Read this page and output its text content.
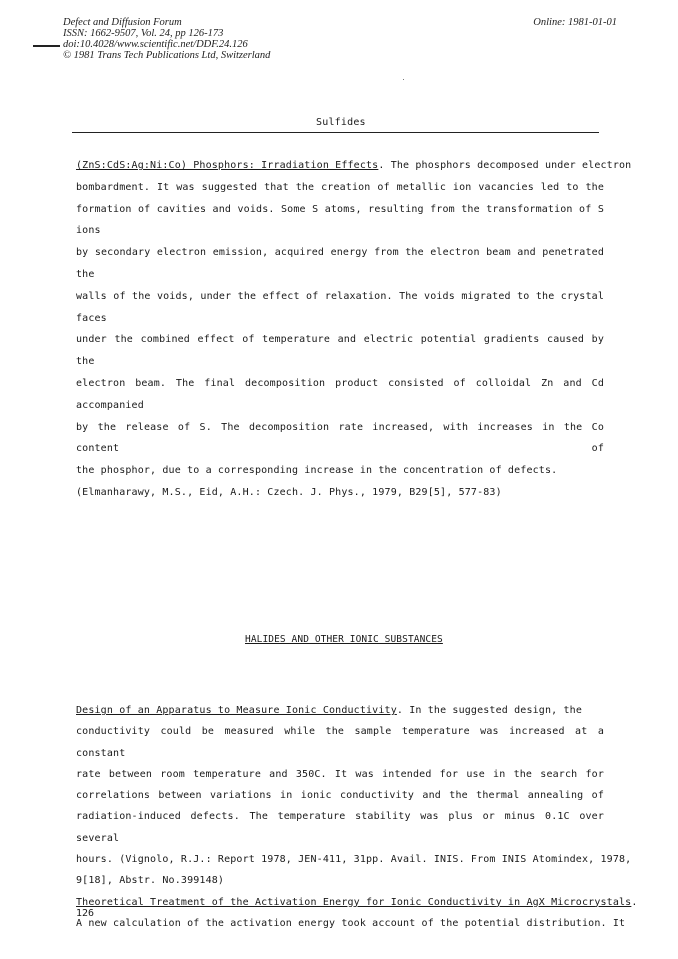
Defect and Diffusion Forum
ISSN: 1662-9507, Vol. 24, pp 126-173
doi:10.4028/www.scientific.net/DDF.24.126
© 1981 Trans Tech Publications Ltd, Switzerland
Online: 1981-01-01
Sulfides
(ZnS:CdS:Ag:Ni:Co) Phosphors: Irradiation Effects. The phosphors decomposed under electron
bombardment. It was suggested that the creation of metallic ion vacancies led to the
formation of cavities and voids. Some S atoms, resulting from the transformation of S ions
by secondary electron emission, acquired energy from the electron beam and penetrated the
walls of the voids, under the effect of relaxation. The voids migrated to the crystal faces
under the combined effect of temperature and electric potential gradients caused by the
electron beam. The final decomposition product consisted of colloidal Zn and Cd accompanied
by the release of S. The decomposition rate increased, with increases in the Co content of
the phosphor, due to a corresponding increase in the concentration of defects.
(Elmanharawy, M.S., Eid, A.H.: Czech. J. Phys., 1979, B29[5], 577-83)
HALIDES AND OTHER IONIC SUBSTANCES
Design of an Apparatus to Measure Ionic Conductivity. In the suggested design, the
conductivity could be measured while the sample temperature was increased at a constant
rate between room temperature and 350C. It was intended for use in the search for
correlations between variations in ionic conductivity and the thermal annealing of
radiation-induced defects. The temperature stability was plus or minus 0.1C over several
hours. (Vignolo, R.J.: Report 1978, JEN-411, 31pp. Avail. INIS. From INIS Atomindex, 1978,
9[18], Abstr. No.399148)
Theoretical Treatment of the Activation Energy for Ionic Conductivity in AgX Microcrystals.
A new calculation of the activation energy took account of the potential distribution. It
126
